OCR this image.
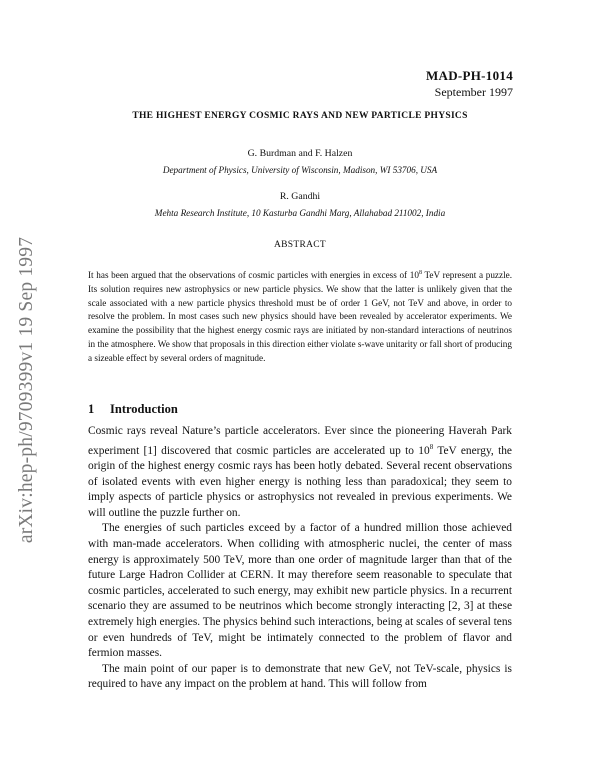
arXiv:hep-ph/9709399v1 19 Sep 1997
MAD-PH-1014
September 1997
THE HIGHEST ENERGY COSMIC RAYS AND NEW PARTICLE PHYSICS
G. Burdman and F. Halzen
Department of Physics, University of Wisconsin, Madison, WI 53706, USA
R. Gandhi
Mehta Research Institute, 10 Kasturba Gandhi Marg, Allahabad 211002, India
ABSTRACT
It has been argued that the observations of cosmic particles with energies in excess of $10^8$ TeV represent a puzzle. Its solution requires new astrophysics or new particle physics. We show that the latter is unlikely given that the scale associated with a new particle physics threshold must be of order 1 GeV, not TeV and above, in order to resolve the problem. In most cases such new physics should have been revealed by accelerator experiments. We examine the possibility that the highest energy cosmic rays are initiated by non-standard interactions of neutrinos in the atmosphere. We show that proposals in this direction either violate s-wave unitarity or fall short of producing a sizeable effect by several orders of magnitude.
1 Introduction

Cosmic rays reveal Nature’s particle accelerators. Ever since the pioneering Haverah Park experiment [1] discovered that cosmic particles are accelerated up to $10^8$ TeV energy, the origin of the highest energy cosmic rays has been hotly debated. Several recent observations of isolated events with even higher energy is nothing less than paradoxical; they seem to imply aspects of particle physics or astrophysics not revealed in previous experiments. We will outline the puzzle further on.

The energies of such particles exceed by a factor of a hundred million those achieved with man-made accelerators. When colliding with atmospheric nuclei, the center of mass energy is approximately 500 TeV, more than one order of magnitude larger than that of the future Large Hadron Collider at CERN. It may therefore seem reasonable to speculate that cosmic particles, accelerated to such energy, may exhibit new particle physics. In a recurrent scenario they are assumed to be neutrinos which become strongly interacting [2, 3] at these extremely high energies. The physics behind such interactions, being at scales of several tens or even hundreds of TeV, might be intimately connected to the problem of flavor and fermion masses.

The main point of our paper is to demonstrate that new GeV, not TeV-scale, physics is required to have any impact on the problem at hand. This will follow from
